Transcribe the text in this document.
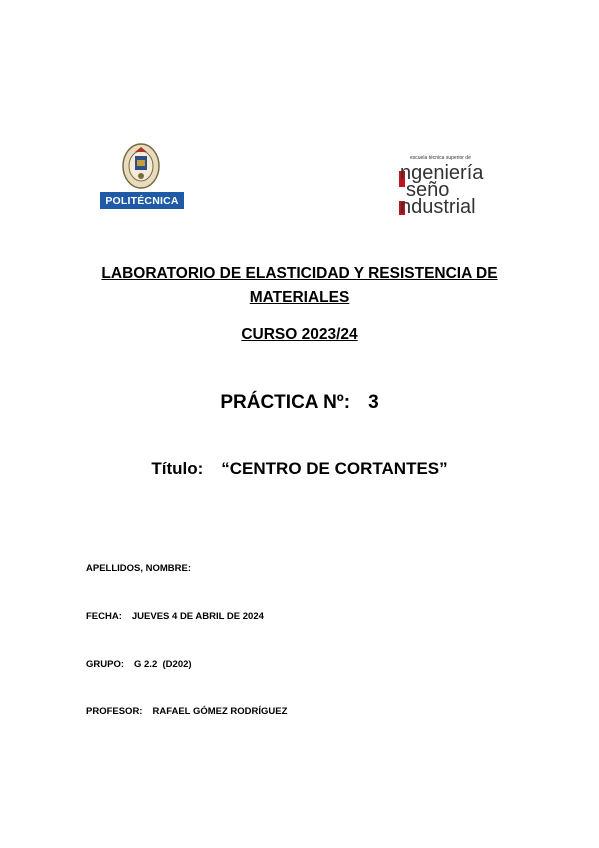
POLITÉCNICA
escuela técnica superior de
ngeniería
seño
ndustrial
LABORATORIO DE ELASTICIDAD Y RESISTENCIA DE
MATERIALES
CURSO 2023/24
PRÁCTICA Nº: 3
Título: “CENTRO DE CORTANTES”
APELLIDOS, NOMBRE:
FECHA: JUEVES 4 DE ABRIL DE 2024
GRUPO: G 2.2  (D202)
PROFESOR: RAFAEL GÓMEZ RODRÍGUEZ
